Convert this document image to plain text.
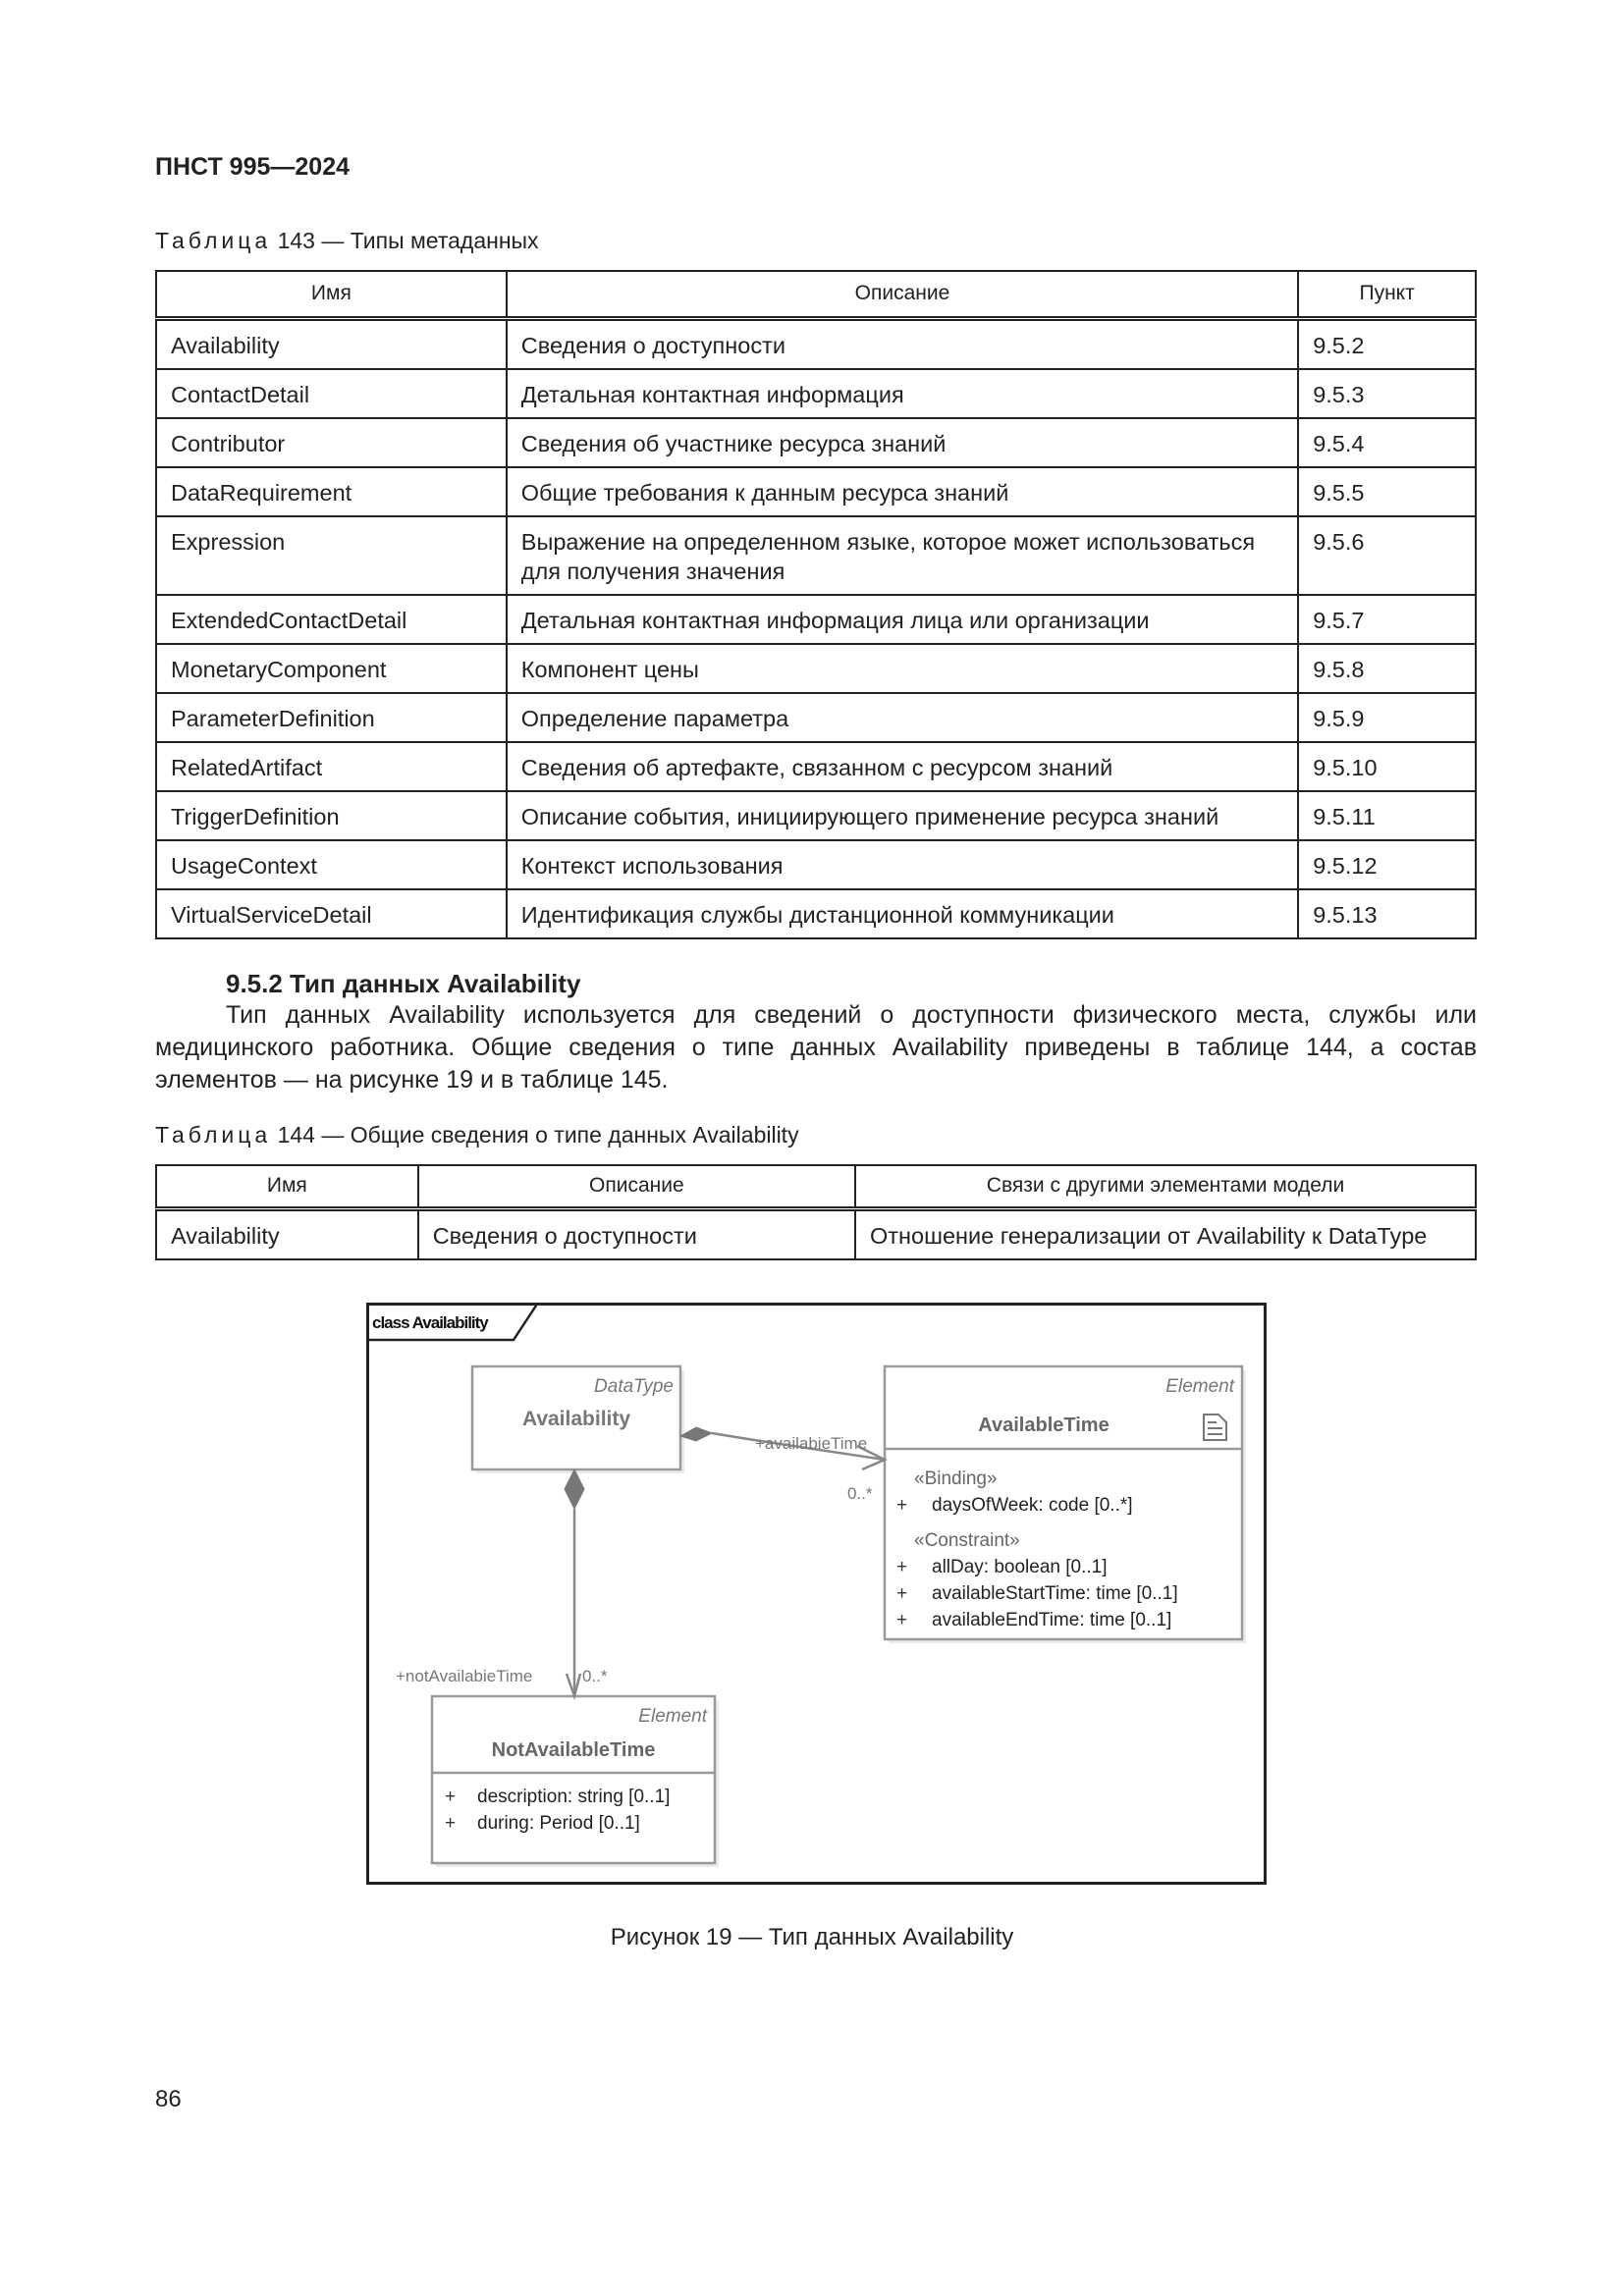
ПНСТ 995—2024
Таблица 143 — Типы метаданных
Имя	Описание	Пункт
Availability	Сведения о доступности	9.5.2
ContactDetail	Детальная контактная информация	9.5.3
Contributor	Сведения об участнике ресурса знаний	9.5.4
DataRequirement	Общие требования к данным ресурса знаний	9.5.5
Expression	Выражение на определенном языке, которое может использоваться для получения значения	9.5.6
ExtendedContactDetail	Детальная контактная информация лица или организации	9.5.7
MonetaryComponent	Компонент цены	9.5.8
ParameterDefinition	Определение параметра	9.5.9
RelatedArtifact	Сведения об артефакте, связанном с ресурсом знаний	9.5.10
TriggerDefinition	Описание события, инициирующего применение ресурса знаний	9.5.11
UsageContext	Контекст использования	9.5.12
VirtualServiceDetail	Идентификация службы дистанционной коммуникации	9.5.13
9.5.2 Тип данных Availability
Тип данных Availability используется для сведений о доступности физического места, службы или медицинского работника. Общие сведения о типе данных Availability приведены в таблице 144, а состав элементов — на рисунке 19 и в таблице 145.
Таблица 144 — Общие сведения о типе данных Availability
Имя	Описание	Связи с другими элементами модели
Availability	Сведения о доступности	Отношение генерализации от Availability к DataType
class Availability
DataType
Availability
Element
AvailableTime
«Binding»
+ daysOfWeek: code [0..*]
«Constraint»
+ allDay: boolean [0..1]
+ availableStartTime: time [0..1]
+ availableEndTime: time [0..1]
Element
NotAvailableTime
+ description: string [0..1]
+ during: Period [0..1]
+availabieTime
0..*
+notAvailabieTime	0..*
Рисунок 19 — Тип данных Availability
86
